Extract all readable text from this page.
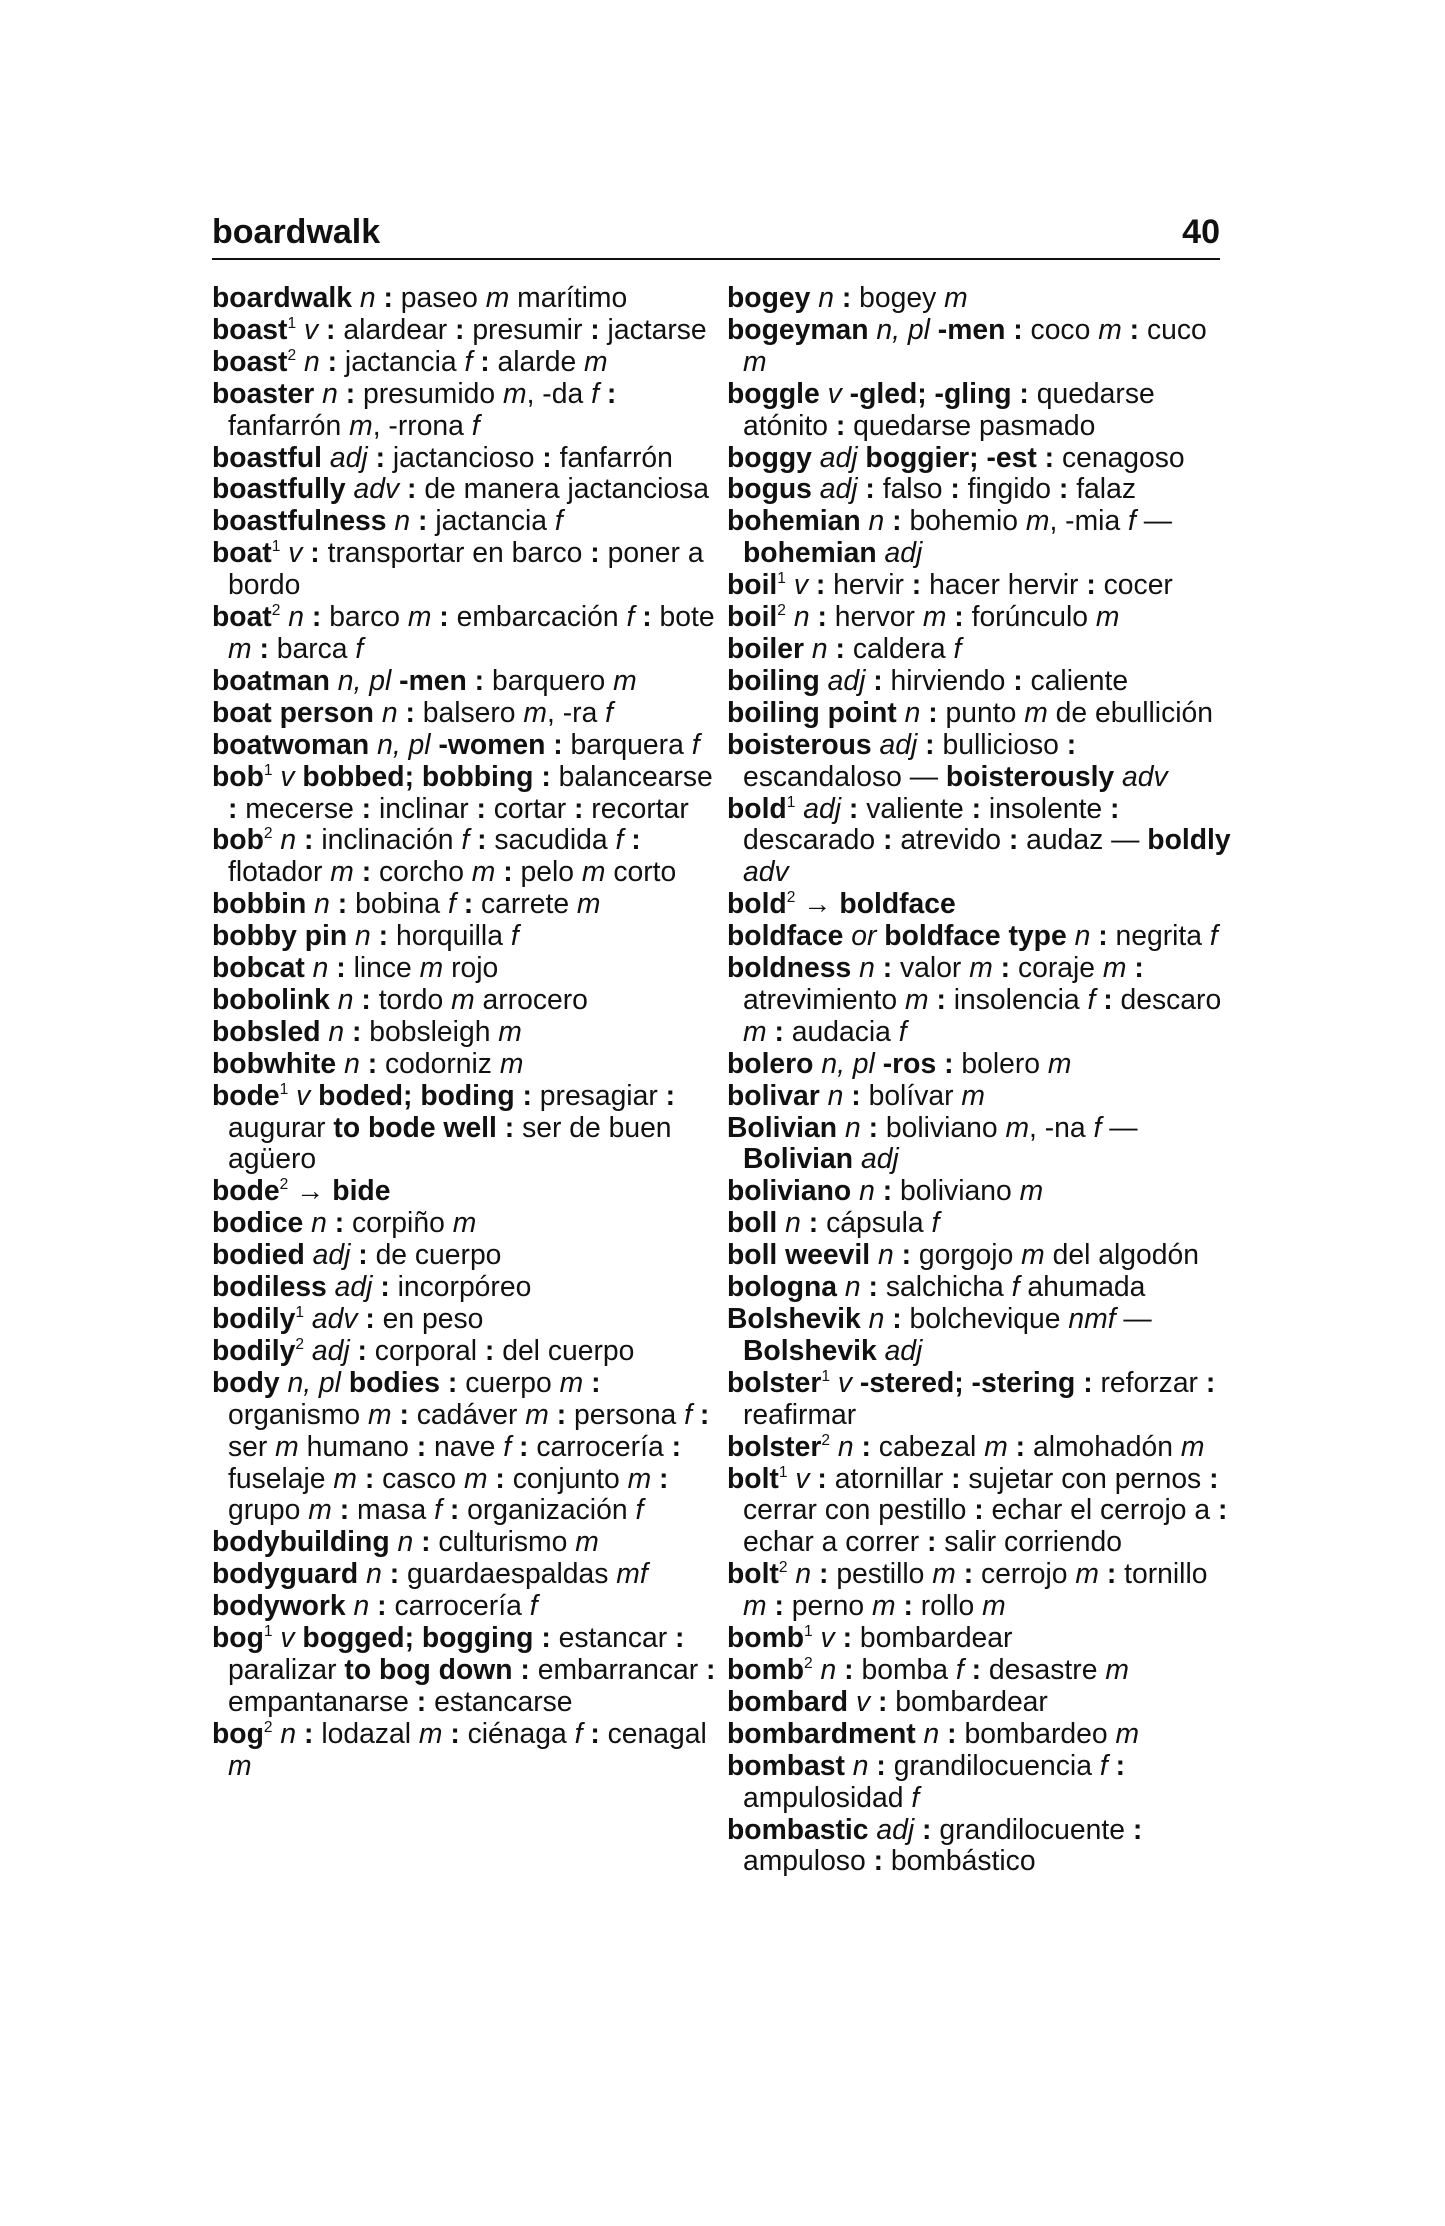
boardwalk	40

boardwalk n : paseo m marítimo

boast$^1$ v : alardear : presumir : jactarse

boast$^2$ n : jactancia f : alarde m

boaster n : presumido m, -da f : fanfarrón m, -rrona f

boastful adj : jactancioso : fanfarrón

boastfully adv : de manera jactanciosa

boastfulness n : jactancia f

boat$^1$ v : transportar en barco : poner a bordo

boat$^2$ n : barco m : embarcación f : bote m : barca f

boatman n, pl -men : barquero m

boat person n : balsero m, -ra f

boatwoman n, pl -women : barquera f

bob$^1$ v bobbed; bobbing : balancearse : mecerse : inclinar : cortar : recortar

bob$^2$ n : inclinación f : sacudida f : flotador m : corcho m : pelo m corto

bobbin n : bobina f : carrete m

bobby pin n : horquilla f

bobcat n : lince m rojo

bobolink n : tordo m arrocero

bobsled n : bobsleigh m

bobwhite n : codorniz m

bode$^1$ v boded; boding : presagiar : augurar to bode well : ser de buen agüero

bode$^2$ → bide

bodice n : corpiño m

bodied adj : de cuerpo

bodiless adj : incorpóreo

bodily$^1$ adv : en peso

bodily$^2$ adj : corporal : del cuerpo

body n, pl bodies : cuerpo m : organismo m : cadáver m : persona f : ser m humano : nave f : carrocería : fuselaje m : casco m : conjunto m : grupo m : masa f : organización f

bodybuilding n : culturismo m

bodyguard n : guardaespaldas mf

bodywork n : carrocería f

bog$^1$ v bogged; bogging : estancar : paralizar to bog down : embarrancar : empantanarse : estancarse

bog$^2$ n : lodazal m : ciénaga f : cenagal m

bogey n : bogey m

bogeyman n, pl -men : coco m : cuco m

boggle v -gled; -gling : quedarse atónito : quedarse pasmado

boggy adj boggier; -est : cenagoso

bogus adj : falso : fingido : falaz

bohemian n : bohemio m, -mia f — bohemian adj

boil$^1$ v : hervir : hacer hervir : cocer

boil$^2$ n : hervor m : forúnculo m

boiler n : caldera f

boiling adj : hirviendo : caliente

boiling point n : punto m de ebullición

boisterous adj : bullicioso : escandaloso — boisterously adv

bold$^1$ adj : valiente : insolente : descarado : atrevido : audaz — boldly adv

bold$^2$ → boldface

boldface or boldface type n : negrita f

boldness n : valor m : coraje m : atrevimiento m : insolencia f : descaro m : audacia f

bolero n, pl -ros : bolero m

bolivar n : bolívar m

Bolivian n : boliviano m, -na f — Bolivian adj

boliviano n : boliviano m

boll n : cápsula f

boll weevil n : gorgojo m del algodón

bologna n : salchicha f ahumada

Bolshevik n : bolchevique nmf — Bolshevik adj

bolster$^1$ v -stered; -stering : reforzar : reafirmar

bolster$^2$ n : cabezal m : almohadón m

bolt$^1$ v : atornillar : sujetar con pernos : cerrar con pestillo : echar el cerrojo a : echar a correr : salir corriendo

bolt$^2$ n : pestillo m : cerrojo m : tornillo m : perno m : rollo m

bomb$^1$ v : bombardear

bomb$^2$ n : bomba f : desastre m

bombard v : bombardear

bombardment n : bombardeo m

bombast n : grandilocuencia f : ampulosidad f

bombastic adj : grandilocuente : ampuloso : bombástico
